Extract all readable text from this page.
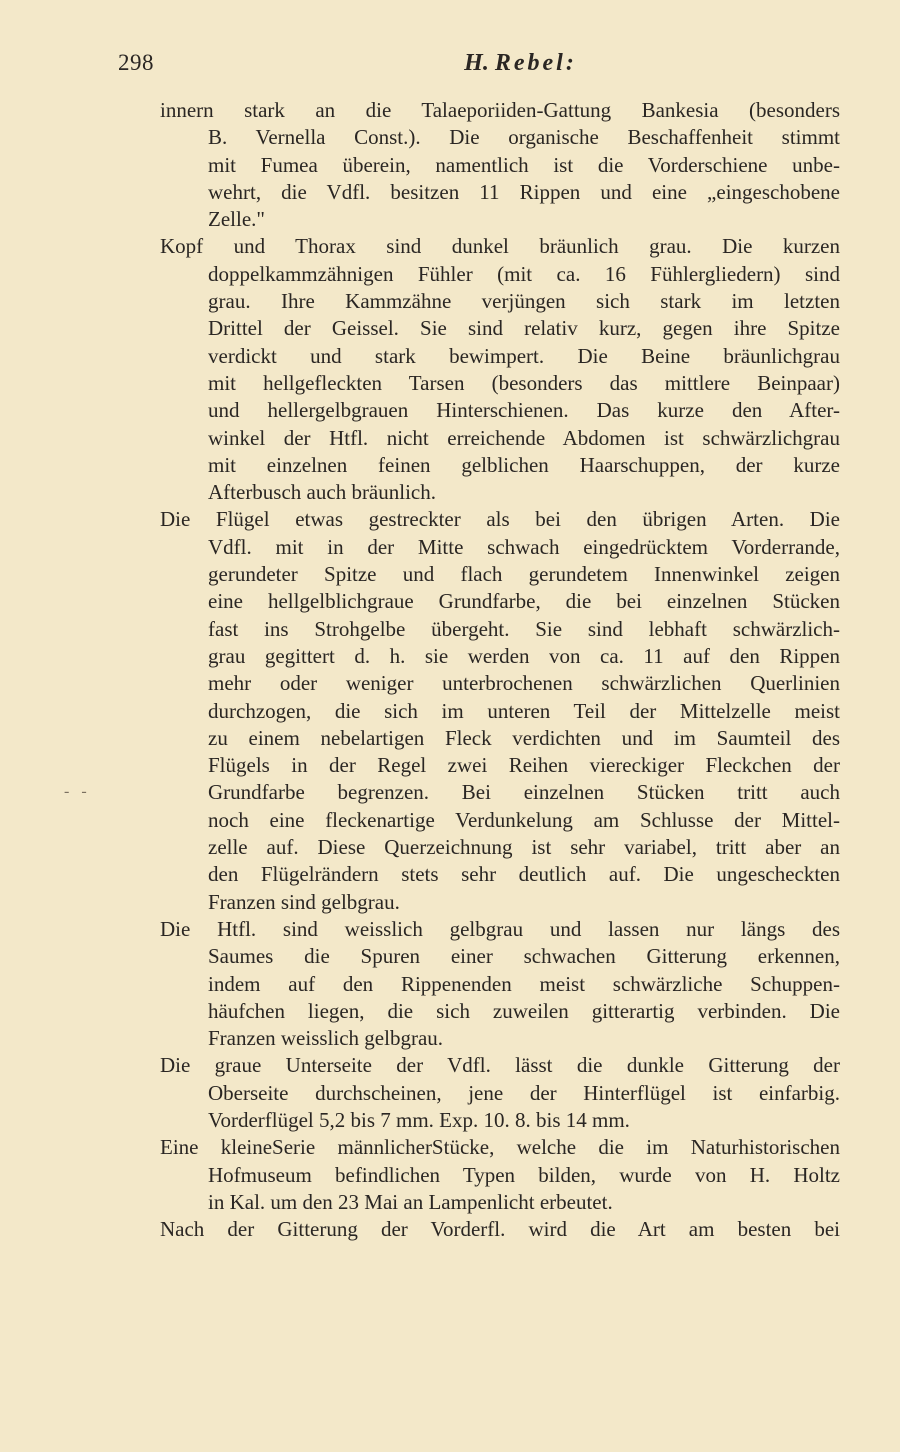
298	H. Rebel:
- -
innern stark an die Talaeporiiden-Gattung Bankesia (besonders
B. Vernella Const.). Die organische Beschaffenheit stimmt
mit Fumea überein, namentlich ist die Vorderschiene unbe-
wehrt, die Vdfl. besitzen 11 Rippen und eine „eingeschobene
Zelle."
Kopf und Thorax sind dunkel bräunlich grau. Die kurzen
doppelkammzähnigen Fühler (mit ca. 16 Fühlergliedern) sind
grau. Ihre Kammzähne verjüngen sich stark im letzten
Drittel der Geissel. Sie sind relativ kurz, gegen ihre Spitze
verdickt und stark bewimpert. Die Beine bräunlichgrau
mit hellgefleckten Tarsen (besonders das mittlere Beinpaar)
und hellergelbgrauen Hinterschienen. Das kurze den After-
winkel der Htfl. nicht erreichende Abdomen ist schwärzlichgrau
mit einzelnen feinen gelblichen Haarschuppen, der kurze
Afterbusch auch bräunlich.
Die Flügel etwas gestreckter als bei den übrigen Arten. Die
Vdfl. mit in der Mitte schwach eingedrücktem Vorderrande,
gerundeter Spitze und flach gerundetem Innenwinkel zeigen
eine hellgelblichgraue Grundfarbe, die bei einzelnen Stücken
fast ins Strohgelbe übergeht. Sie sind lebhaft schwärzlich-
grau gegittert d. h. sie werden von ca. 11 auf den Rippen
mehr oder weniger unterbrochenen schwärzlichen Querlinien
durchzogen, die sich im unteren Teil der Mittelzelle meist
zu einem nebelartigen Fleck verdichten und im Saumteil des
Flügels in der Regel zwei Reihen viereckiger Fleckchen der
Grundfarbe begrenzen. Bei einzelnen Stücken tritt auch
noch eine fleckenartige Verdunkelung am Schlusse der Mittel-
zelle auf. Diese Querzeichnung ist sehr variabel, tritt aber an
den Flügelrändern stets sehr deutlich auf. Die ungescheckten
Franzen sind gelbgrau.
Die Htfl. sind weisslich gelbgrau und lassen nur längs des
Saumes die Spuren einer schwachen Gitterung erkennen,
indem auf den Rippenenden meist schwärzliche Schuppen-
häufchen liegen, die sich zuweilen gitterartig verbinden. Die
Franzen weisslich gelbgrau.
Die graue Unterseite der Vdfl. lässt die dunkle Gitterung der
Oberseite durchscheinen, jene der Hinterflügel ist einfarbig.
Vorderflügel 5,2 bis 7 mm. Exp. 10. 8. bis 14 mm.
Eine kleineSerie männlicherStücke, welche die im Naturhistorischen
Hofmuseum befindlichen Typen bilden, wurde von H. Holtz
in Kal. um den 23 Mai an Lampenlicht erbeutet.
Nach der Gitterung der Vorderfl. wird die Art am besten bei
